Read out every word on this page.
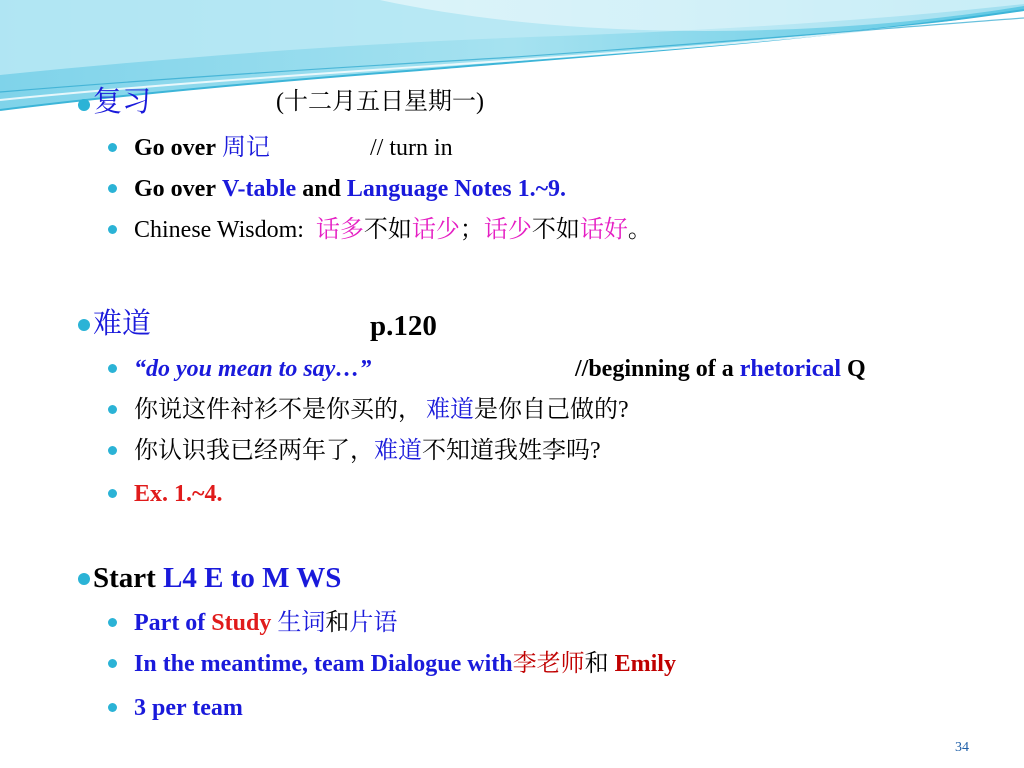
复习	(十二月五日星期一)
Go over 周记	// turn in
Go over V-table and Language Notes 1.~9.
Chinese Wisdom: 话多不如话少；话少不如话好。
难道	p.120
“do you mean to say…”	//beginning of a rhetorical Q
你说这件衬衫不是你买的， 难道是你自己做的?
你认识我已经两年了，难道不知道我姓李吗?
Ex. 1.~4.
Start L4 E to M WS
Part of Study 生词和片语
In the meantime, team Dialogue with李老师和 Emily
3 per team
34
